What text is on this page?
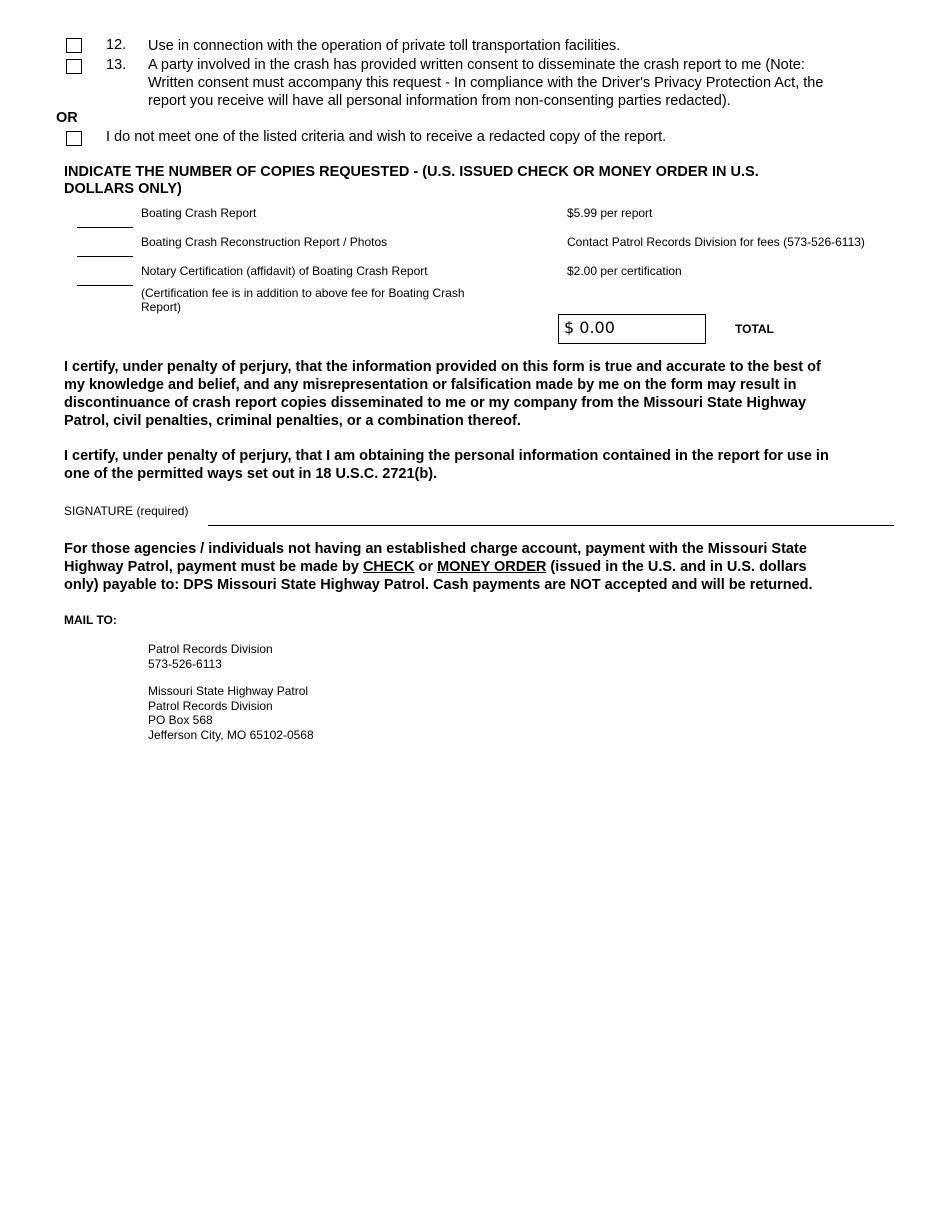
12. Use in connection with the operation of private toll transportation facilities.
13. A party involved in the crash has provided written consent to disseminate the crash report to me (Note:
Written consent must accompany this request - In compliance with the Driver's Privacy Protection Act, the
report you receive will have all personal information from non-consenting parties redacted).
OR
I do not meet one of the listed criteria and wish to receive a redacted copy of the report.
INDICATE THE NUMBER OF COPIES REQUESTED - (U.S. ISSUED CHECK OR MONEY ORDER IN U.S.
DOLLARS ONLY)
Boating Crash Report	$5.99 per report
Boating Crash Reconstruction Report / Photos	Contact Patrol Records Division for fees (573-526-6113)
Notary Certification (affidavit) of Boating Crash Report	$2.00 per certification
(Certification fee is in addition to above fee for Boating Crash
Report)
$ 0.00	TOTAL
I certify, under penalty of perjury, that the information provided on this form is true and accurate to the best of
my knowledge and belief, and any misrepresentation or falsification made by me on the form may result in
discontinuance of crash report copies disseminated to me or my company from the Missouri State Highway
Patrol, civil penalties, criminal penalties, or a combination thereof.
I certify, under penalty of perjury, that I am obtaining the personal information contained in the report for use in
one of the permitted ways set out in 18 U.S.C. 2721(b).
SIGNATURE (required)
For those agencies / individuals not having an established charge account, payment with the Missouri State
Highway Patrol, payment must be made by CHECK or MONEY ORDER (issued in the U.S. and in U.S. dollars
only) payable to: DPS Missouri State Highway Patrol. Cash payments are NOT accepted and will be returned.
MAIL TO:
Patrol Records Division
573-526-6113
Missouri State Highway Patrol
Patrol Records Division
PO Box 568
Jefferson City, MO 65102-0568
